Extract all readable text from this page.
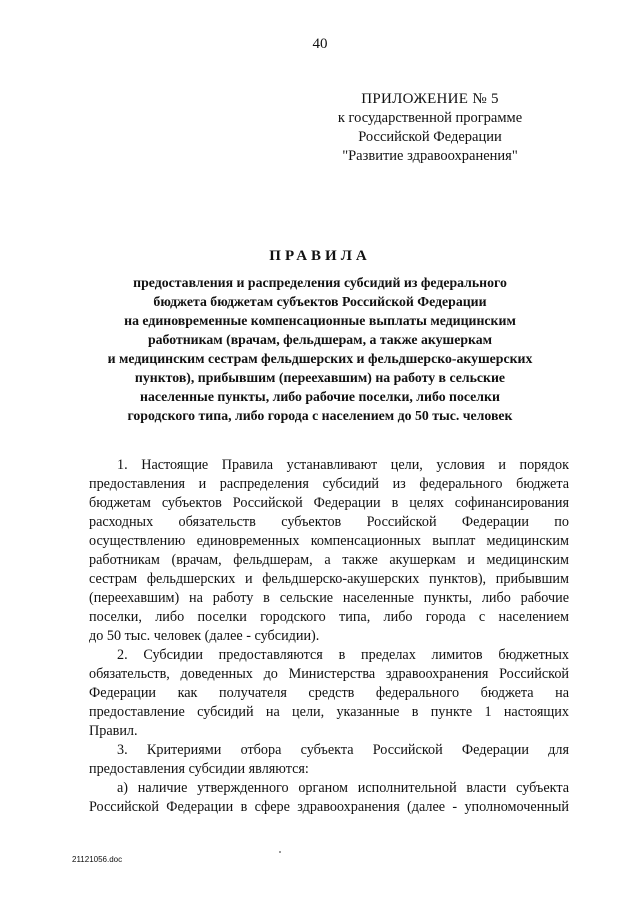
40
ПРИЛОЖЕНИЕ № 5
к государственной программе
Российской Федерации
"Развитие здравоохранения"
ПРАВИЛА
предоставления и распределения субсидий из федерального
бюджета бюджетам субъектов Российской Федерации
на единовременные компенсационные выплаты медицинским
работникам (врачам, фельдшерам, а также акушеркам
и медицинским сестрам фельдшерских и фельдшерско-акушерских
пунктов), прибывшим (переехавшим) на работу в сельские
населенные пункты, либо рабочие поселки, либо поселки
городского типа, либо города с населением до 50 тыс. человек
1. Настоящие Правила устанавливают цели, условия и порядок
предоставления и распределения субсидий из федерального бюджета
бюджетам субъектов Российской Федерации в целях софинансирования
расходных обязательств субъектов Российской Федерации по
осуществлению единовременных компенсационных выплат медицинским
работникам (врачам, фельдшерам, а также акушеркам и медицинским
сестрам фельдшерских и фельдшерско-акушерских пунктов), прибывшим
(переехавшим) на работу в сельские населенные пункты, либо рабочие
поселки, либо поселки городского типа, либо города с населением
до 50 тыс. человек (далее - субсидии).
2. Субсидии предоставляются в пределах лимитов бюджетных
обязательств, доведенных до Министерства здравоохранения Российской
Федерации как получателя средств федерального бюджета на
предоставление субсидий на цели, указанные в пункте 1 настоящих
Правил.
3. Критериями отбора субъекта Российской Федерации для
предоставления субсидии являются:
а) наличие утвержденного органом исполнительной власти субъекта
Российской Федерации в сфере здравоохранения (далее - уполномоченный
21121056.doc
